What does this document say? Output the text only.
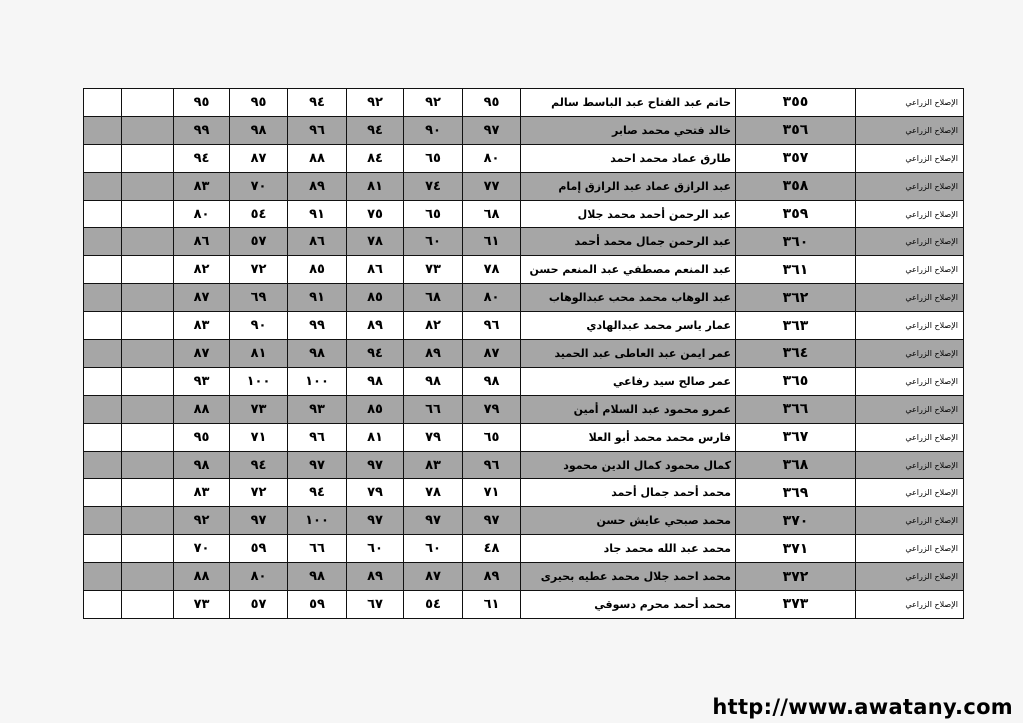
		٩٥	٩٥	٩٤	٩٢	٩٢	٩٥	حاتم عبد الفتاح عبد الباسط سالم	٣٥٥	الإصلاح الزراعي
		٩٩	٩٨	٩٦	٩٤	٩٠	٩٧	خالد فتحي محمد صابر	٣٥٦	الإصلاح الزراعي
		٩٤	٨٧	٨٨	٨٤	٦٥	٨٠	طارق عماد محمد احمد	٣٥٧	الإصلاح الزراعي
		٨٣	٧٠	٨٩	٨١	٧٤	٧٧	عبد الرازق عماد عبد الرازق إمام	٣٥٨	الإصلاح الزراعي
		٨٠	٥٤	٩١	٧٥	٦٥	٦٨	عبد الرحمن أحمد محمد جلال	٣٥٩	الإصلاح الزراعي
		٨٦	٥٧	٨٦	٧٨	٦٠	٦١	عبد الرحمن جمال محمد أحمد	٣٦٠	الإصلاح الزراعي
		٨٢	٧٢	٨٥	٨٦	٧٣	٧٨	عبد المنعم مصطفي عبد المنعم حسن	٣٦١	الإصلاح الزراعي
		٨٧	٦٩	٩١	٨٥	٦٨	٨٠	عبد الوهاب محمد محب عبدالوهاب	٣٦٢	الإصلاح الزراعي
		٨٣	٩٠	٩٩	٨٩	٨٢	٩٦	عمار ياسر محمد عبدالهادي	٣٦٣	الإصلاح الزراعي
		٨٧	٨١	٩٨	٩٤	٨٩	٨٧	عمر ايمن عبد العاطى عبد الحميد	٣٦٤	الإصلاح الزراعي
		٩٣	١٠٠	١٠٠	٩٨	٩٨	٩٨	عمر صالح سيد رفاعي	٣٦٥	الإصلاح الزراعي
		٨٨	٧٣	٩٣	٨٥	٦٦	٧٩	عمرو محمود عبد السلام أمين	٣٦٦	الإصلاح الزراعي
		٩٥	٧١	٩٦	٨١	٧٩	٦٥	فارس محمد محمد أبو العلا	٣٦٧	الإصلاح الزراعي
		٩٨	٩٤	٩٧	٩٧	٨٣	٩٦	كمال محمود كمال الدين محمود	٣٦٨	الإصلاح الزراعي
		٨٣	٧٢	٩٤	٧٩	٧٨	٧١	محمد أحمد جمال أحمد	٣٦٩	الإصلاح الزراعي
		٩٢	٩٧	١٠٠	٩٧	٩٧	٩٧	محمد صبحي عايش حسن	٣٧٠	الإصلاح الزراعي
		٧٠	٥٩	٦٦	٦٠	٦٠	٤٨	محمد عبد الله محمد جاد	٣٧١	الإصلاح الزراعي
		٨٨	٨٠	٩٨	٨٩	٨٧	٨٩	محمد احمد جلال محمد عطيه بحيرى	٣٧٢	الإصلاح الزراعي
		٧٣	٥٧	٥٩	٦٧	٥٤	٦١	محمد أحمد محرم دسوقي	٣٧٣	الإصلاح الزراعي
http://www.awatany.com
